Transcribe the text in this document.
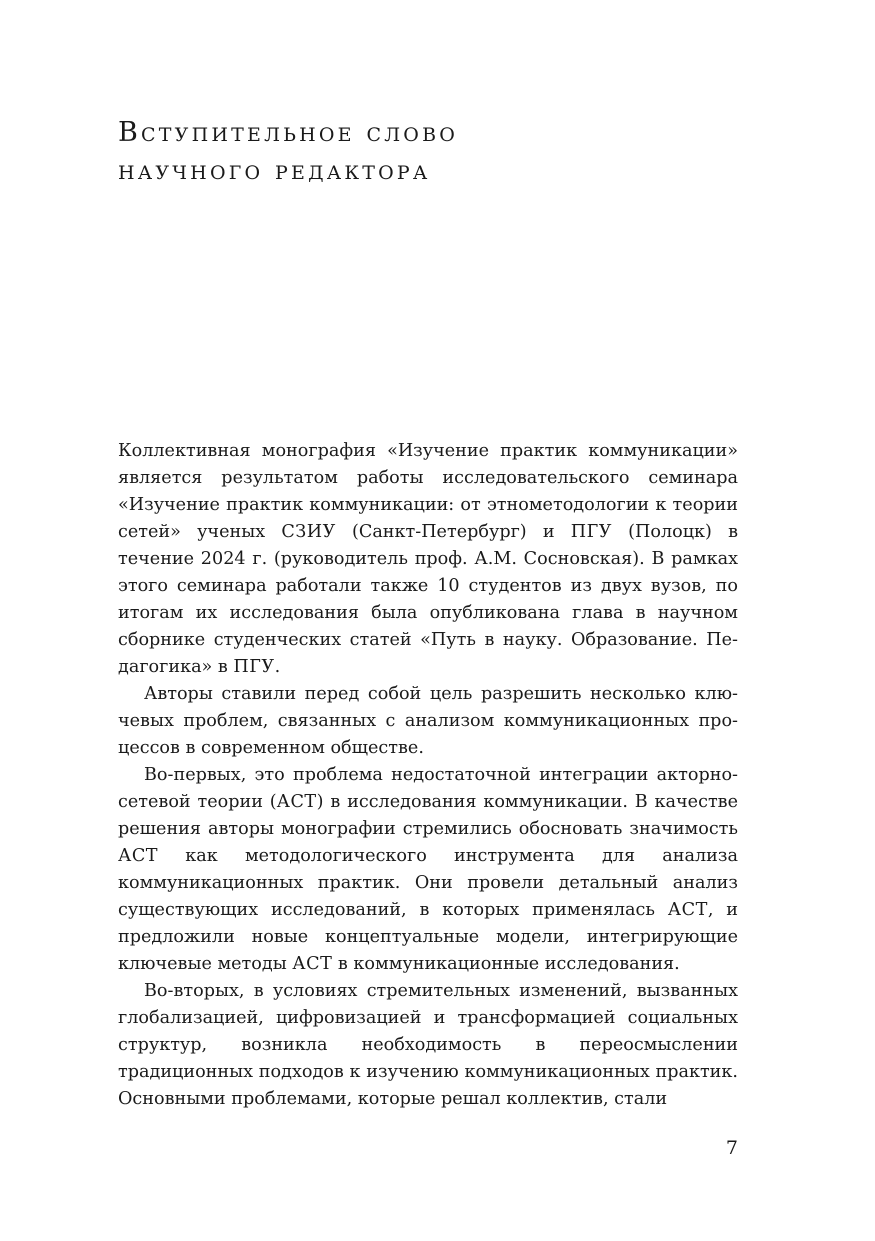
Вступительное слово
научного редактора

Коллективная монография «Изучение практик коммуникации» является результатом работы исследовательского семинара «Изучение практик коммуникации: от этнометодологии к теории сетей» ученых СЗИУ (Санкт-Петербург) и ПГУ (Полоцк) в течение 2024 г. (руководитель проф. А.М. Сосновская). В рамках этого семинара работали также 10 студентов из двух вузов, по итогам их исследования была опубликована глава в научном сборнике студенческих статей «Путь в науку. Образование. Педагогика» в ПГУ.

Авторы ставили перед собой цель разрешить несколько ключевых проблем, связанных с анализом коммуникационных процессов в современном обществе.

Во-первых, это проблема недостаточной интеграции акторно-сетевой теории (АСТ) в исследования коммуникации. В качестве решения авторы монографии стремились обосновать значимость АСТ как методологического инструмента для анализа коммуникационных практик. Они провели детальный анализ существующих исследований, в которых применялась АСТ, и предложили новые концептуальные модели, интегрирующие ключевые методы АСТ в коммуникационные исследования.

Во-вторых, в условиях стремительных изменений, вызванных глобализацией, цифровизацией и трансформацией социальных структур, возникла необходимость в переосмыслении традиционных подходов к изучению коммуникационных практик. Основными проблемами, которые решал коллектив, стали

7
